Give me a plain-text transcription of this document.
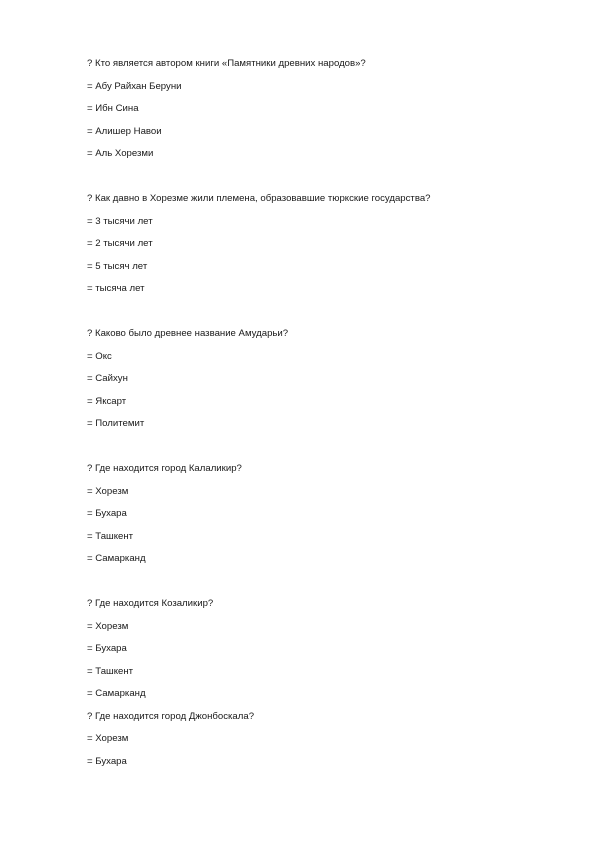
? Кто является автором книги «Памятники древних народов»?
= Абу Райхан Беруни
= Ибн Сина
= Алишер Навои
= Аль Хорезми
? Как давно в Хорезме жили племена, образовавшие тюркские государства?
= 3 тысячи лет
= 2 тысячи лет
= 5 тысяч лет
= тысяча лет
? Каково было древнее название Амударьи?
= Окс
= Сайхун
= Яксарт
= Политемит
? Где находится город Калаликир?
= Хорезм
= Бухара
= Ташкент
= Самарканд
? Где находится Козаликир?
= Хорезм
= Бухара
= Ташкент
= Самарканд
? Где находится город Джонбоскала?
= Хорезм
= Бухара
